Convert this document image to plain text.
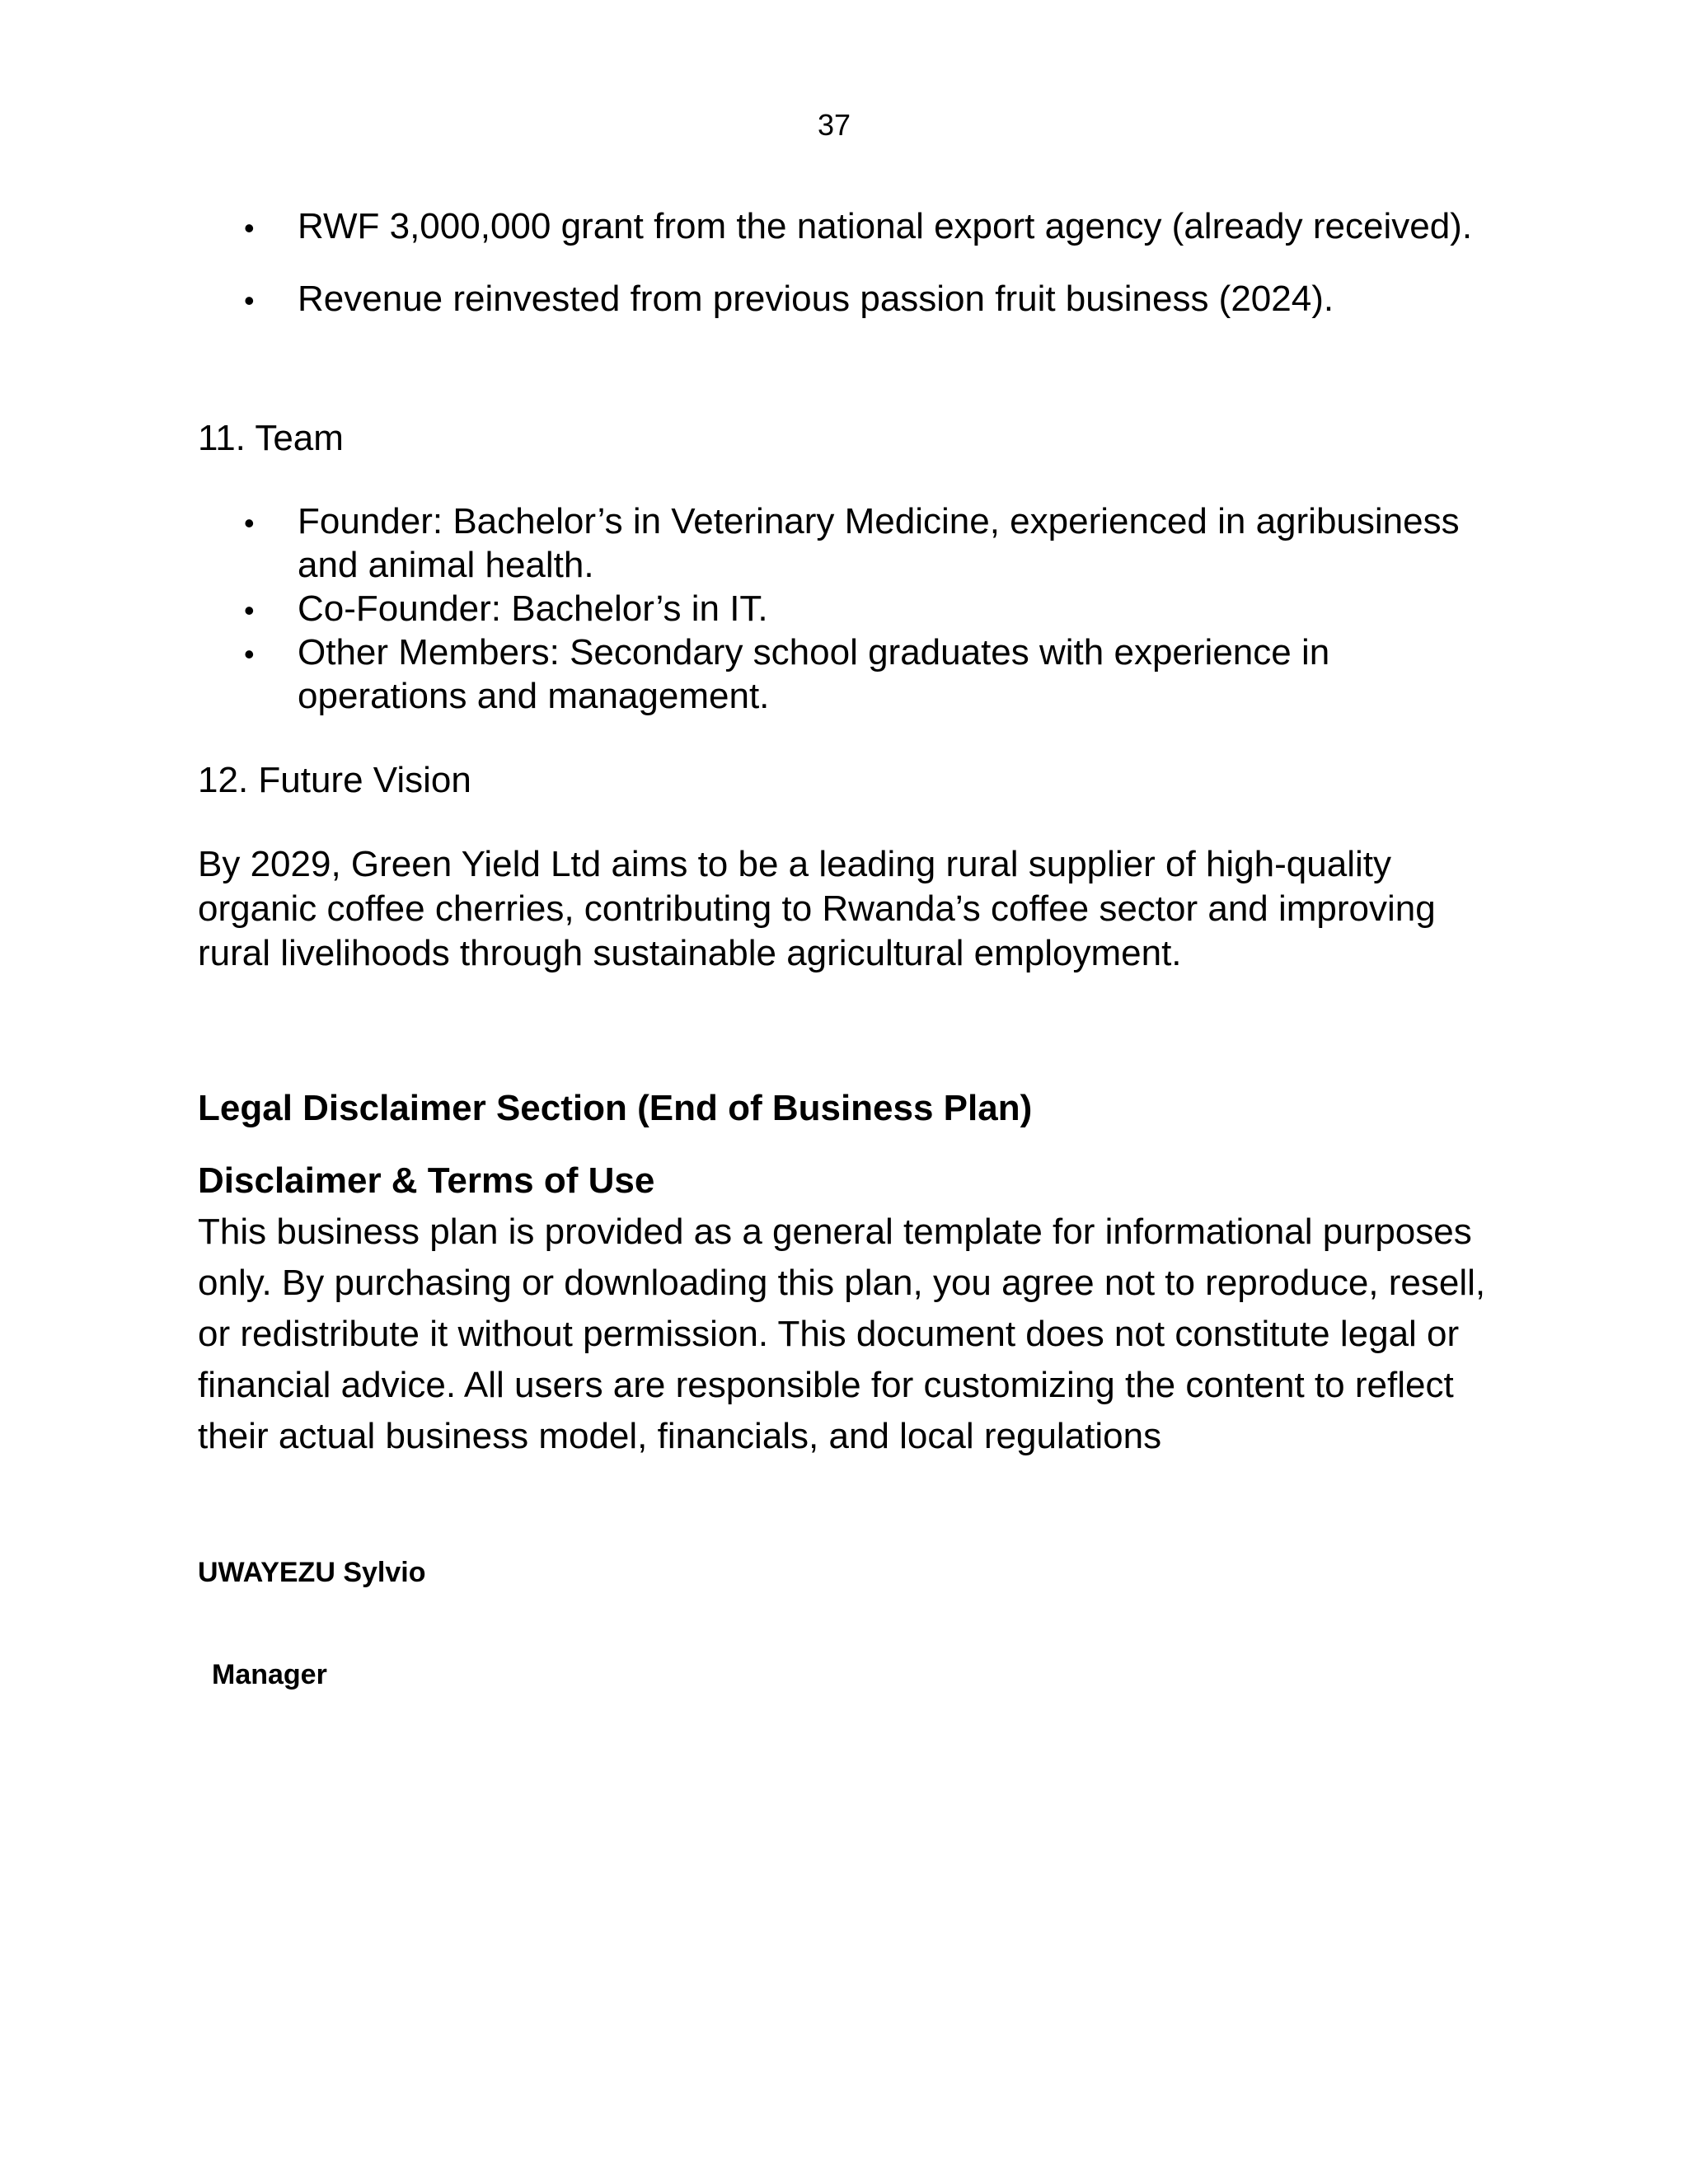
37
• RWF 3,000,000 grant from the national export agency (already received).
• Revenue reinvested from previous passion fruit business (2024).
11. Team
• Founder: Bachelor’s in Veterinary Medicine, experienced in agribusiness and animal health.
• Co-Founder: Bachelor’s in IT.
• Other Members: Secondary school graduates with experience in operations and management.
12. Future Vision

By 2029, Green Yield Ltd aims to be a leading rural supplier of high-quality organic coffee cherries, contributing to Rwanda’s coffee sector and improving rural livelihoods through sustainable agricultural employment.

Legal Disclaimer Section (End of Business Plan)
Disclaimer & Terms of Use

This business plan is provided as a general template for informational purposes only. By purchasing or downloading this plan, you agree not to reproduce, resell, or redistribute it without permission. This document does not constitute legal or financial advice. All users are responsible for customizing the content to reflect their actual business model, financials, and local regulations

UWAYEZU Sylvio

Manager
